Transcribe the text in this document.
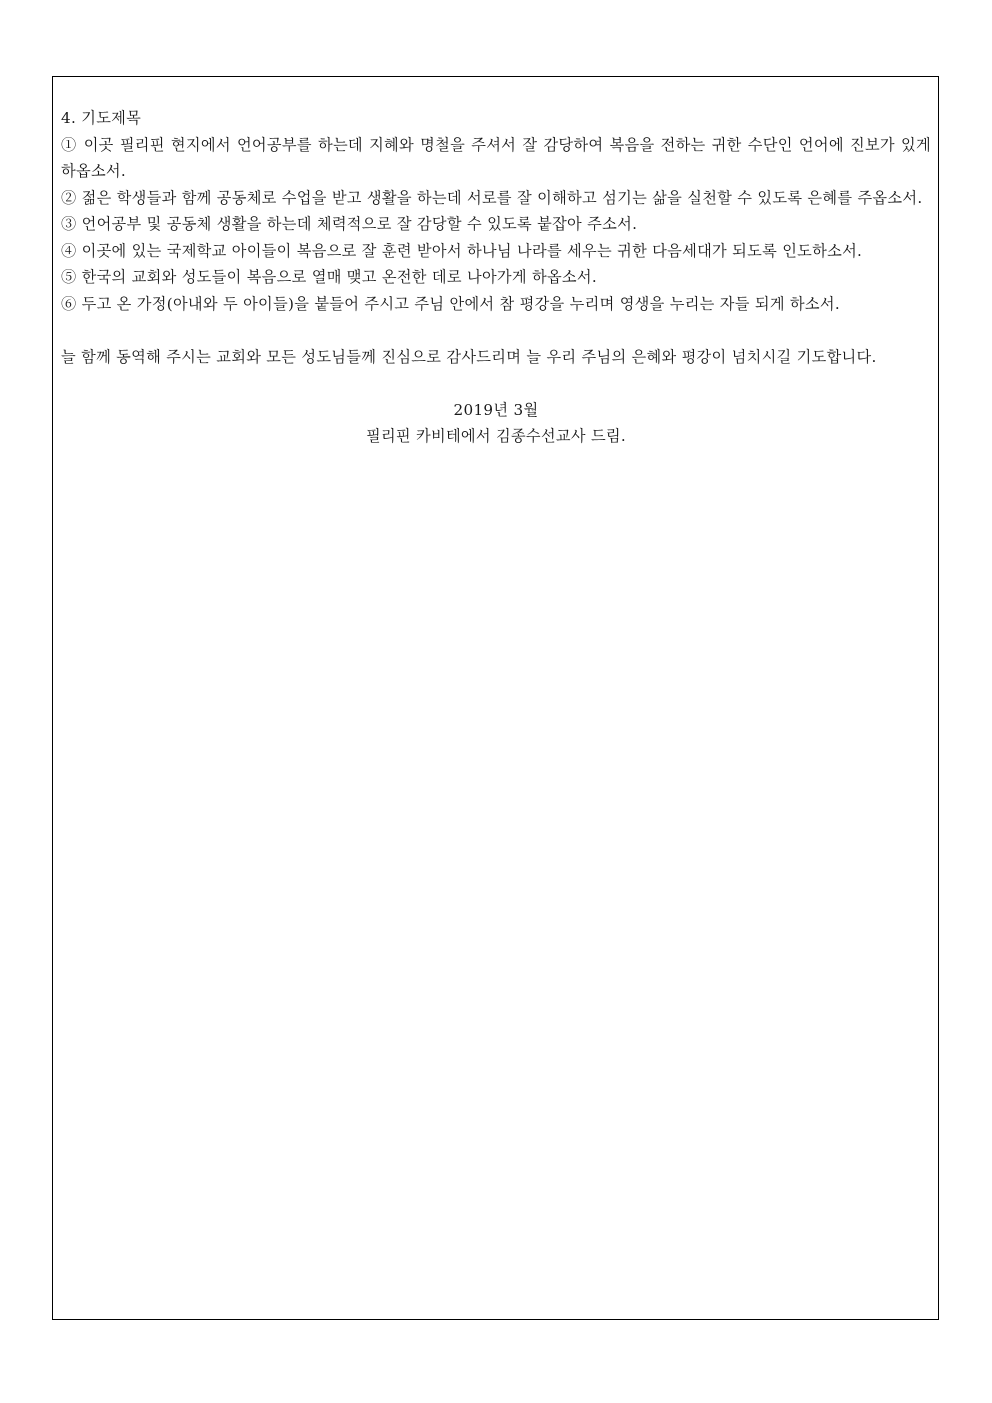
4. 기도제목

① 이곳 필리핀 현지에서 언어공부를 하는데 지혜와 명철을 주셔서 잘 감당하여 복음을 전하는 귀한 수단인 언어에 진보가 있게 하옵소서.

② 젊은 학생들과 함께 공동체로 수업을 받고 생활을 하는데 서로를 잘 이해하고 섬기는 삶을 실천할 수 있도록 은혜를 주옵소서.

③ 언어공부 및 공동체 생활을 하는데 체력적으로 잘 감당할 수 있도록 붙잡아 주소서.

④ 이곳에 있는 국제학교 아이들이 복음으로 잘 훈련 받아서 하나님 나라를 세우는 귀한 다음세대가 되도록 인도하소서.

⑤ 한국의 교회와 성도들이 복음으로 열매 맺고 온전한 데로 나아가게 하옵소서.

⑥ 두고 온 가정(아내와 두 아이들)을 붙들어 주시고 주님 안에서 참 평강을 누리며 영생을 누리는 자들 되게 하소서.

늘 함께 동역해 주시는 교회와 모든 성도님들께 진심으로 감사드리며 늘 우리 주님의 은혜와 평강이 넘치시길 기도합니다.

2019년 3월

필리핀 카비테에서 김종수선교사 드림.
